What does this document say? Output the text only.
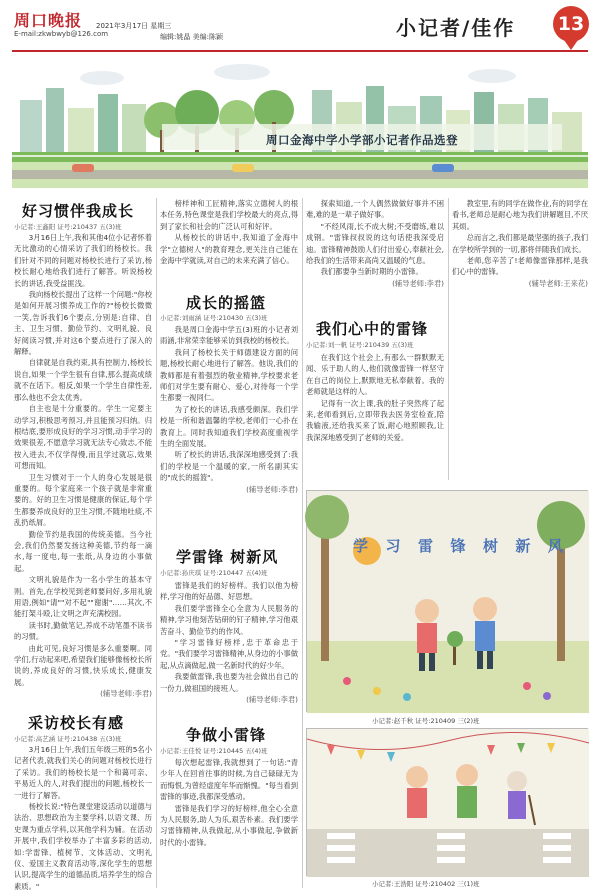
周口晚报
E-mail:zkwbwyb@126.com
2021年3月17日 星期三
编辑:姚晶 美编:陈颖	小记者/佳作 13
周口金海中学小学部小记者作品选登
好习惯伴我成长
小记者:王鑫阳 证号:210437 五(3)班

3月16日上午,我和其他4位小记者怀着无比激动的心情采访了我们的杨校长。我们针对不同的问题对杨校长进行了采访,杨校长耐心地给我们进行了解答。听说杨校长的讲话,我受益匪浅。

我向杨校长提出了这样一个问题:"你校是如何开展习惯养成工作的?"杨校长微微一笑,告诉我们6个要点,分别是:自律、自主、卫生习惯、勤俭节约、文明礼貌、良好阅读习惯,并对这6个要点进行了深入的解释。

自律就是自我约束,具有控制力,杨校长说自,如果一个学生很有自律,那么提高成绩就不在话下。相反,如果一个学生自律性差,那么他也不会太优秀。

自主也是十分重要的。学生一定要主动学习,积极思考预习,并且能预习归纳。归根结底,要形成良好的学习习惯,动手学习的效果很差,不愿意学习就无法专心致志,不能按入进去,不仅学得慢,而且学过就忘,效果可想而知。

卫生习惯对于一个人的身心发展是很重要的。每个家庭来一个孩子就是非常重要的。好的卫生习惯是健康的保证,每个学生都要养成良好的卫生习惯,不随地吐痰,不乱扔纸屑。

勤俭节约是我国的传统美德。当今社会,我们仍然要发扬这种美德,节约每一滴水,每一度电,每一张纸,从身边的小事做起。

文明礼貌是作为一名小学生的基本守则。首先,在学校见到老师要问好,多用礼貌用语,例如"请""对不起""谢谢"……其次,不能打架斗殴,让文明之声充满校园。

读书时,勤做笔记,养成不动笔墨不读书的习惯。

由此可见,良好习惯是多么重要啊。同学们,行动起来吧,希望我们能够像杨校长所说的,养成良好的习惯,快乐成长,健康发展。

(辅导老师:李君)

采访校长有感
小记者:高艺涵 证号:210438 五(3)班

3月16日上午,我们五年级三班的5名小记者代表,就我们关心的问题对杨校长进行了采访。我们的杨校长是一个和蔼可亲、平易近人的人,对我们提出的问题,杨校长一一进行了解答。

杨校长说:"特色课堂建设活动以道德与法治、思想政治为主要学科,以语文课、历史课为重点学科,以其他学科为辅。在活动开展中,我们学校举办了丰富多彩的活动,如:学雷锋、植树节、文体活动、文明礼仪、爱国主义教育活动等,深化学生的思想认识,提高学生的道德品质,培养学生的综合素质。"

榜样神和工匠精神,落实立德树人的根本任务,特色课堂是我们学校最大的亮点,得到了家长和社会的广泛认可和好评。

从杨校长的讲话中,我知道了金海中学"立德树人"的教育理念,更关注自己能在金海中学就读,对自己的未来充满了信心。

成长的摇篮
小记者:刘雨涵 证号:210430 五(3)班

我是周口金海中学五(3)班的小记者刘雨涵,非常荣幸能够采访到我校的杨校长。

我问了杨校长关于师德建设方面的问题,杨校长耐心地进行了解答。他说,我们的教师都是有着强烈的敬业精神,学校要求老师们对学生要有耐心、爱心,对待每一个学生都要一视同仁。

为了校长的讲话,我感受颇深。我们学校是一所和谐温馨的学校,老师们一心扑在教育上。同时我知道我们学校高度重视学生的全面发展。

听了校长的讲话,我深深地感受到了:我们的学校是一个温暖的家,一所名副其实的"成长的摇篮"。

(辅导老师:李君)

学雷锋 树新风
小记者:孙庆琪 证号:210447 五(4)班

雷锋是我们的好榜样。我们以他为榜样,学习他的好品德、好思想。

我们要学雷锋全心全意为人民服务的精神,学习他刻苦钻研的钉子精神,学习他艰苦奋斗、勤俭节约的作风。

"学习雷锋好榜样,忠于革命忠于党。"我们要学习雷锋精神,从身边的小事做起,从点滴做起,做一名新时代的好少年。

我要做雷锋,我也要为社会做出自己的一份力,做祖国的接班人。

(辅导老师:李君)

争做小雷锋
小记者:王佳悦 证号:210445 五(4)班

每次想起雷锋,我就想到了一句话:"青少年人在回首往事的时候,为自己碌碌无为而悔恨,为曾经虚度年华而惭愧。"每当看到雷锋的事迹,我都深受感动。

雷锋是我们学习的好榜样,他全心全意为人民服务,助人为乐,艰苦朴素。我们要学习雷锋精神,从我做起,从小事做起,争做新时代的小雷锋。

探索知道,一个人偶然做做好事并不困难,难的是一辈子做好事。

"不经风雨,长不成大树;不受磨练,难以成钢。"雷锋叔叔说的这句话使我深受启迪。雷锋精神鼓励人们付出爱心,奉献社会,给我们的生活带来高尚又温暖的气息。

我们都要争当新时期的小雷锋。

(辅导老师:李君)

我们心中的雷锋
小记者:刘一帆 证号:210439 五(3)班

在我们这个社会上,有那么一群默默无闻、乐于助人的人,他们就像雷锋一样坚守在自己的岗位上,默默地无私奉献着。我的老师就是这样的人。

记得有一次上课,我的肚子突然疼了起来,老师看到后,立即带我去医务室检查,陪我输液,还给我买来了饭,耐心地照顾我,让我深深地感受到了老师的关爱。

教室里,有的同学在做作业,有的同学在看书,老师总是耐心地为我们讲解题目,不厌其烦。

总而言之,我们都是最坚强的孩子,我们在学校所学到的一切,都将伴随我们成长。

老师,您辛苦了!老师像雷锋那样,是我们心中的雷锋。

(辅导老师:王来花)

学 习 雷 锋 树 新 风
小记者:赵千秋 证号:210409 三(2)班
小记者:王浩阳 证号:210402 三(1)班
